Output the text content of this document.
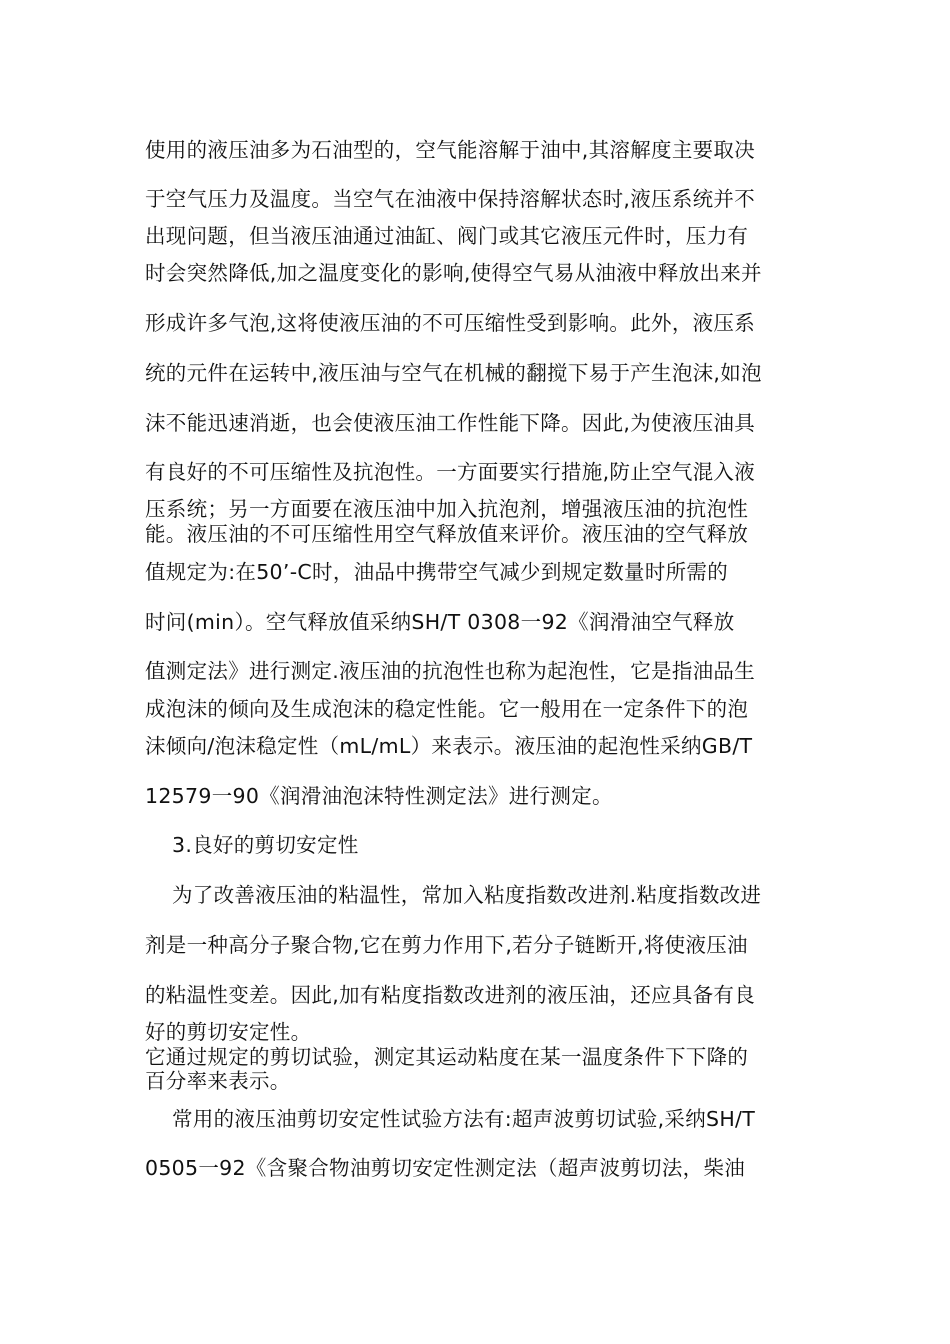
使用的液压油多为石油型的，空气能溶解于油中,其溶解度主要取决
于空气压力及温度。当空气在油液中保持溶解状态时,液压系统并不
出现问题，但当液压油通过油缸、阀门或其它液压元件时，压力有
时会突然降低,加之温度变化的影响,使得空气易从油液中释放出来并
形成许多气泡,这将使液压油的不可压缩性受到影响。此外，液压系
统的元件在运转中,液压油与空气在机械的翻搅下易于产生泡沫,如泡
沫不能迅速消逝，也会使液压油工作性能下降。因此,为使液压油具
有良好的不可压缩性及抗泡性。一方面要实行措施,防止空气混入液
压系统；另一方面要在液压油中加入抗泡剂，增强液压油的抗泡性
能。液压油的不可压缩性用空气释放值来评价。液压油的空气释放
值规定为:在50’-C时，油品中携带空气减少到规定数量时所需的
时问(min）。空气释放值采纳SH/T 0308一92《润滑油空气释放
值测定法》进行测定.液压油的抗泡性也称为起泡性，它是指油品生
成泡沫的倾向及生成泡沫的稳定性能。它一般用在一定条件下的泡
沫倾向/泡沫稳定性（mL/mL）来表示。液压油的起泡性采纳GB/T
12579一90《润滑油泡沫特性测定法》进行测定。
3.良好的剪切安定性
为了改善液压油的粘温性，常加入粘度指数改进剂.粘度指数改进
剂是一种高分子聚合物,它在剪力作用下,若分子链断开,将使液压油
的粘温性变差。因此,加有粘度指数改进剂的液压油，还应具备有良
好的剪切安定性。
它通过规定的剪切试验，测定其运动粘度在某一温度条件下下降的
百分率来表示。
常用的液压油剪切安定性试验方法有:超声波剪切试验,采纳SH/T
0505一92《含聚合物油剪切安定性测定法（超声波剪切法，柴油
